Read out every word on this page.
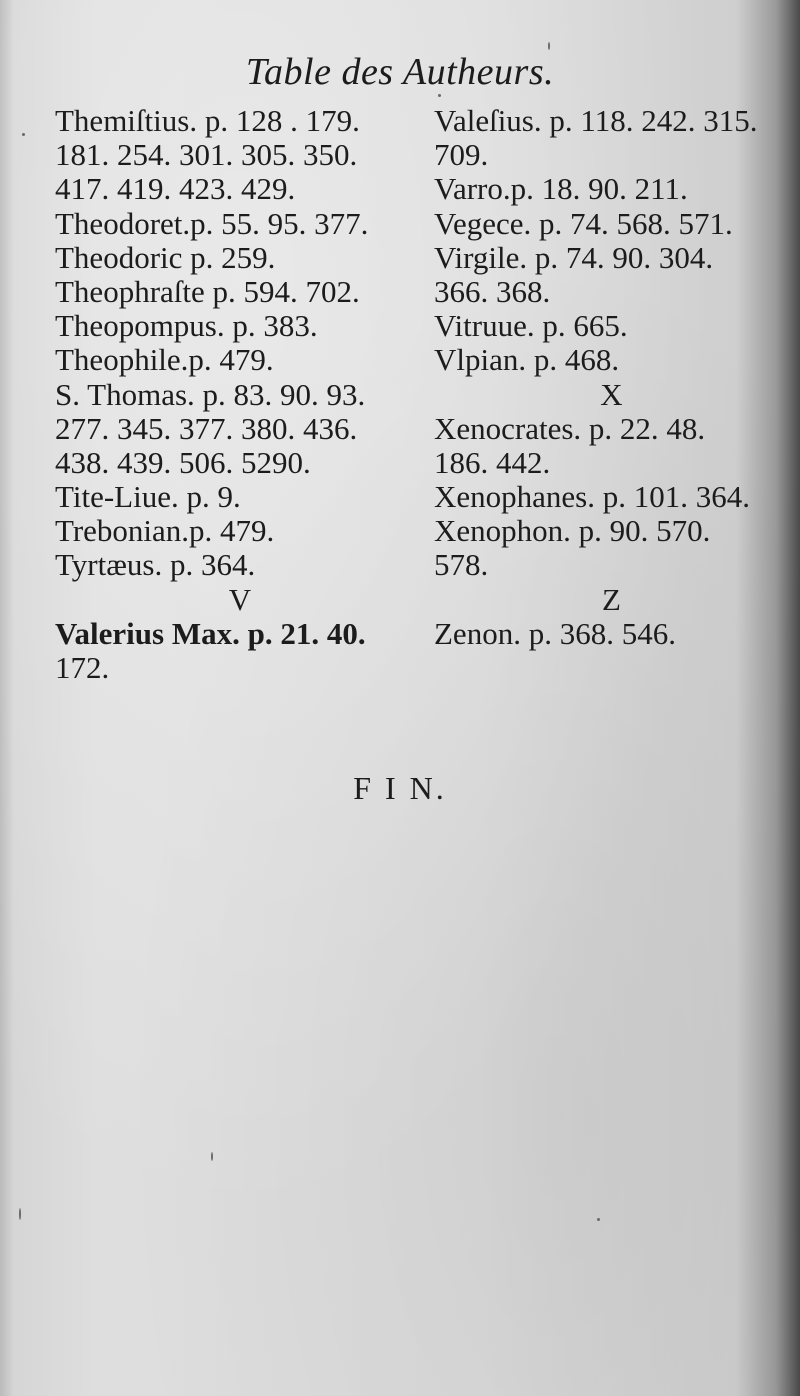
Table des Autheurs.
Themiſtius. p. 128 . 179.
181. 254. 301. 305. 350.
417. 419. 423. 429.
Theodoret.p. 55. 95. 377.
Theodoric p. 259.
Theophraſte p. 594. 702.
Theopompus. p. 383.
Theophile.p. 479.
S. Thomas. p. 83. 90. 93.
277. 345. 377. 380. 436.
438. 439. 506. 5290.
Tite-Liue. p. 9.
Trebonian.p. 479.
Tyrtæus. p. 364.
V
Valerius Max. p. 21. 40.
172.
Valeſius. p. 118. 242. 315.
709.
Varro.p. 18. 90. 211.
Vegece. p. 74. 568. 571.
Virgile. p. 74. 90. 304.
366. 368.
Vitruue. p. 665.
Vlpian. p. 468.
X
Xenocrates. p. 22. 48.
186. 442.
Xenophanes. p. 101. 364.
Xenophon. p. 90. 570.
578.
Z
Zenon. p. 368. 546.
F I N.
